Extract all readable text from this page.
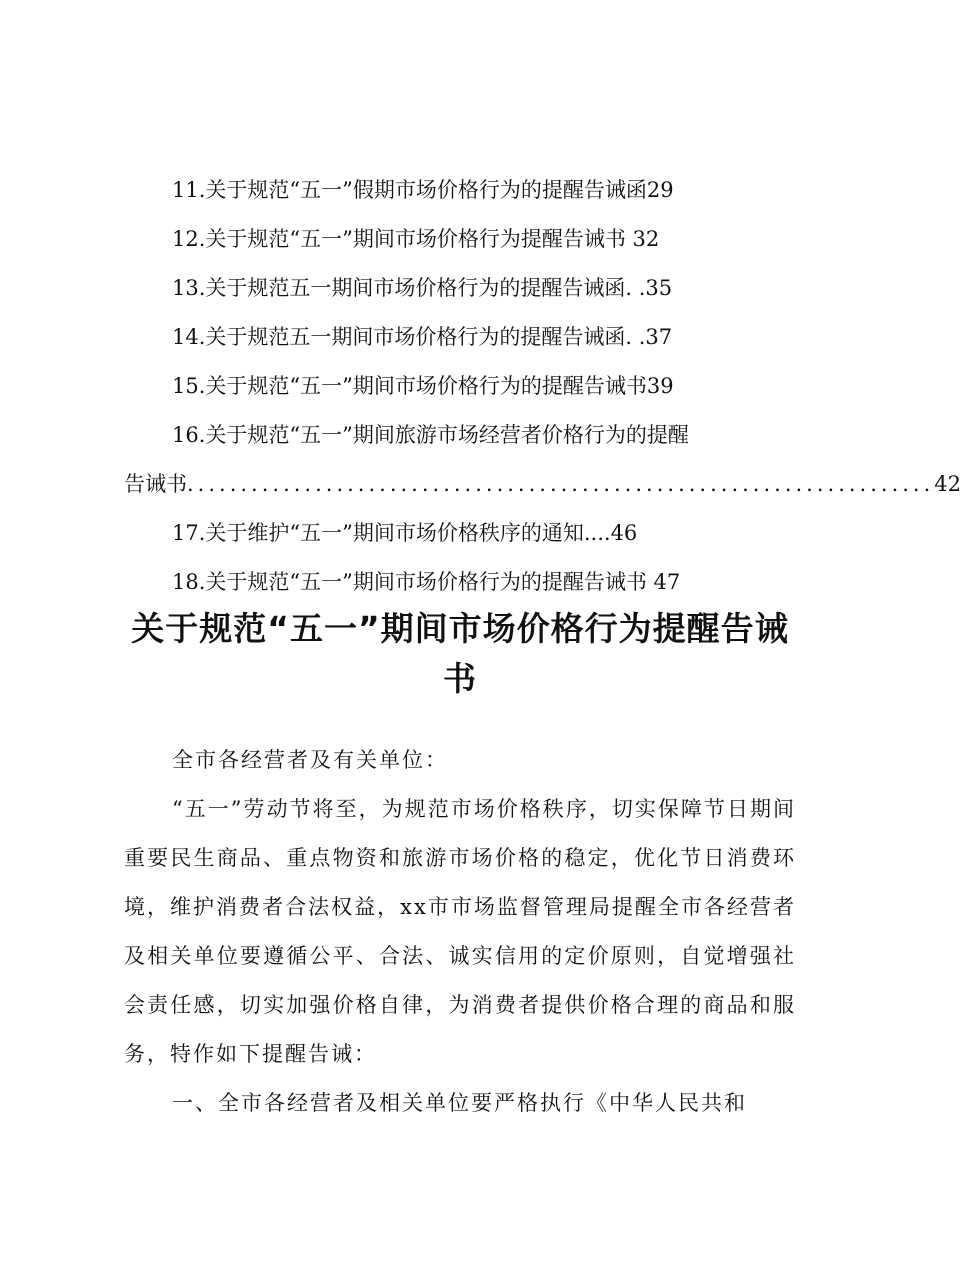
11.关于规范“五一”假期市场价格行为的提醒告诫函29
12.关于规范“五一”期间市场价格行为提醒告诫书 32
13.关于规范五一期间市场价格行为的提醒告诫函. .35
14.关于规范五一期间市场价格行为的提醒告诫函. .37
15.关于规范“五一”期间市场价格行为的提醒告诫书39
16.关于规范“五一”期间旅游市场经营者价格行为的提醒
告诫书 ...................................................................... 42
17.关于维护“五一”期间市场价格秩序的通知....46
18.关于规范“五一”期间市场价格行为的提醒告诫书 47
关于规范“五一”期间市场价格行为提醒告诫书

全市各经营者及有关单位：

“五一”劳动节将至，为规范市场价格秩序，切实保障节日期间重要民生商品、重点物资和旅游市场价格的稳定，优化节日消费环境，维护消费者合法权益，xx市市场监督管理局提醒全市各经营者及相关单位要遵循公平、合法、诚实信用的定价原则，自觉增强社会责任感，切实加强价格自律，为消费者提供价格合理的商品和服务，特作如下提醒告诫：

一、全市各经营者及相关单位要严格执行《中华人民共和
